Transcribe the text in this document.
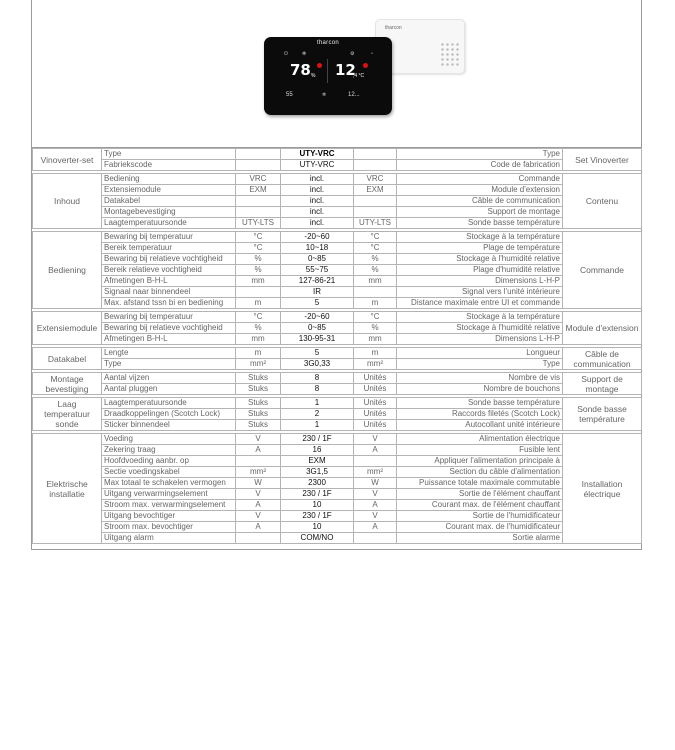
tharcon
tharcon
⏻	✻	⚙	◔
78 % 12
,4 °C
55	❄	12...
Vinoverter-set	Type		UTY-VRC		Type	Set Vinoverter
	Fabriekscode		UTY-VRC		Code de fabrication	

Inhoud	Bediening	VRC	incl.	VRC	Commande	Contenu
	Extensiemodule	EXM	incl.	EXM	Module d'extension	
	Datakabel		incl.		Câble de communication	
	Montagebevestiging		incl.		Support de montage	
	Laagtemperatuursonde	UTY-LTS	incl.	UTY-LTS	Sonde basse température	

Bediening	Bewaring bij temperatuur	°C	-20~60	°C	Stockage à la température	Commande
	Bereik temperatuur	°C	10~18	°C	Plage de température	
	Bewaring bij relatieve vochtigheid	%	0~85	%	Stockage à l'humidité relative	
	Bereik relatieve vochtigheid	%	55~75	%	Plage d'humidité relative	
	Afmetingen B-H-L	mm	127-86-21	mm	Dimensions L-H-P	
	Signaal naar binnendeel		IR		Signal vers l'unité intérieure	
	Max. afstand tssn bi en bediening	m	5	m	Distance maximale entre UI et commande	

Extensiemodule	Bewaring bij temperatuur	°C	-20~60	°C	Stockage à la température	Module d'extension
	Bewaring bij relatieve vochtigheid	%	0~85	%	Stockage à l'humidité relative	
	Afmetingen B-H-L	mm	130-95-31	mm	Dimensions L-H-P	

Datakabel	Lengte	m	5	m	Longueur	Câble de communication
	Type	mm²	3G0,33	mm²	Type	

Montage bevestiging	Aantal vijzen	Stuks	8	Unités	Nombre de vis	Support de montage
	Aantal pluggen	Stuks	8	Unités	Nombre de bouchons	

Laag temperatuur sonde	Laagtemperatuursonde	Stuks	1	Unités	Sonde basse température	Sonde basse température
	Draadkoppelingen (Scotch Lock)	Stuks	2	Unités	Raccords filetés (Scotch Lock)	
	Sticker binnendeel	Stuks	1	Unités	Autocollant unité intérieure	

Elektrische installatie	Voeding	V	230 / 1F	V	Alimentation électrique	Installation électrique
	Zekering traag	A	16	A	Fusible lent	
	Hoofdvoeding aanbr. op		EXM		Appliquer l'alimentation principale à	
	Sectie voedingskabel	mm²	3G1,5	mm²	Section du câble d'alimentation	
	Max totaal te schakelen vermogen	W	2300	W	Puissance totale maximale commutable	
	Uitgang verwarmingselement	V	230 / 1F	V	Sortie de l'élément chauffant	
	Stroom max. verwarmingselement	A	10	A	Courant max. de l'élément chauffant	
	Uitgang bevochtiger	V	230 / 1F	V	Sortie de l'humidificateur	
	Stroom max. bevochtiger	A	10	A	Courant max. de l'humidificateur	
	Uitgang alarm		COM/NO		Sortie alarme	
